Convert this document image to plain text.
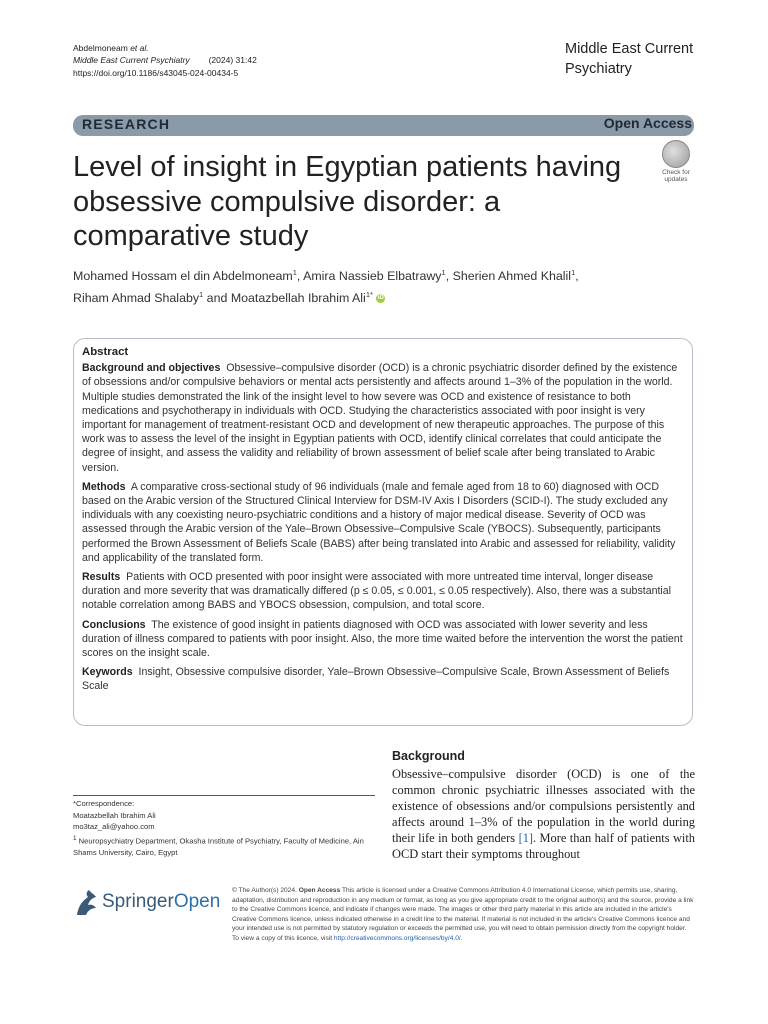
Abdelmoneam et al.
Middle East Current Psychiatry (2024) 31:42
https://doi.org/10.1186/s43045-024-00434-5
Middle East Current
Psychiatry
RESEARCH	Open Access
Level of insight in Egyptian patients having obsessive compulsive disorder: a comparative study
Check for
updates
Mohamed Hossam el din Abdelmoneam$^1$, Amira Nassieb Elbatrawy$^1$, Sherien Ahmed Khalil$^1$,
Riham Ahmad Shalaby$^1$ and Moatazbellah Ibrahim Ali$^{1*}$ iD
Abstract

Background and objectives Obsessive–compulsive disorder (OCD) is a chronic psychiatric disorder defined by the existence of obsessions and/or compulsive behaviors or mental acts persistently and affects around 1–3% of the population in the world. Multiple studies demonstrated the link of the insight level to how severe was OCD and existence of resistance to both medications and psychotherapy in individuals with OCD. Studying the characteristics associated with poor insight is very important for management of treatment-resistant OCD and development of new therapeutic approaches. The purpose of this work was to assess the level of the insight in Egyptian patients with OCD, identify clinical correlates that could anticipate the degree of insight, and assess the validity and reliability of brown assessment of belief scale after being translated to Arabic version.

Methods A comparative cross-sectional study of 96 individuals (male and female aged from 18 to 60) diagnosed with OCD based on the Arabic version of the Structured Clinical Interview for DSM-IV Axis I Disorders (SCID-I). The study excluded any individuals with any coexisting neuro-psychiatric conditions and a history of major medical disease. Severity of OCD was assessed through the Arabic version of the Yale–Brown Obsessive–Compulsive Scale (YBOCS). Subsequently, participants performed the Brown Assessment of Beliefs Scale (BABS) after being translated into Arabic and assessed for reliability, validity and applicability of the translated form.

Results Patients with OCD presented with poor insight were associated with more untreated time interval, longer disease duration and more severity that was dramatically differed (p ≤ 0.05, ≤ 0.001, ≤ 0.05 respectively). Also, there was a substantial notable correlation among BABS and YBOCS obsession, compulsion, and total score.

Conclusions The existence of good insight in patients diagnosed with OCD was associated with lower severity and less duration of illness compared to patients with poor insight. Also, the more time waited before the intervention the worst the patient scores on the insight scale.

Keywords Insight, Obsessive compulsive disorder, Yale–Brown Obsessive–Compulsive Scale, Brown Assessment of Beliefs Scale

*Correspondence:
Moatazbellah Ibrahim Ali
mo3taz_ali@yahoo.com
$^1$ Neuropsychiatry Department, Okasha Institute of Psychiatry, Faculty of Medicine, Ain Shams University, Cairo, Egypt
Background
Obsessive–compulsive disorder (OCD) is one of the common chronic psychiatric illnesses associated with the existence of obsessions and/or compulsions persistently and affects around 1–3% of the population in the world during their life in both genders [1]. More than half of patients with OCD start their symptoms throughout
SpringerOpen
© The Author(s) 2024. Open Access This article is licensed under a Creative Commons Attribution 4.0 International License, which permits use, sharing, adaptation, distribution and reproduction in any medium or format, as long as you give appropriate credit to the original author(s) and the source, provide a link to the Creative Commons licence, and indicate if changes were made. The images or other third party material in this article are included in the article's Creative Commons licence, unless indicated otherwise in a credit line to the material. If material is not included in the article's Creative Commons licence and your intended use is not permitted by statutory regulation or exceeds the permitted use, you will need to obtain permission directly from the copyright holder. To view a copy of this licence, visit http://creativecommons.org/licenses/by/4.0/.
